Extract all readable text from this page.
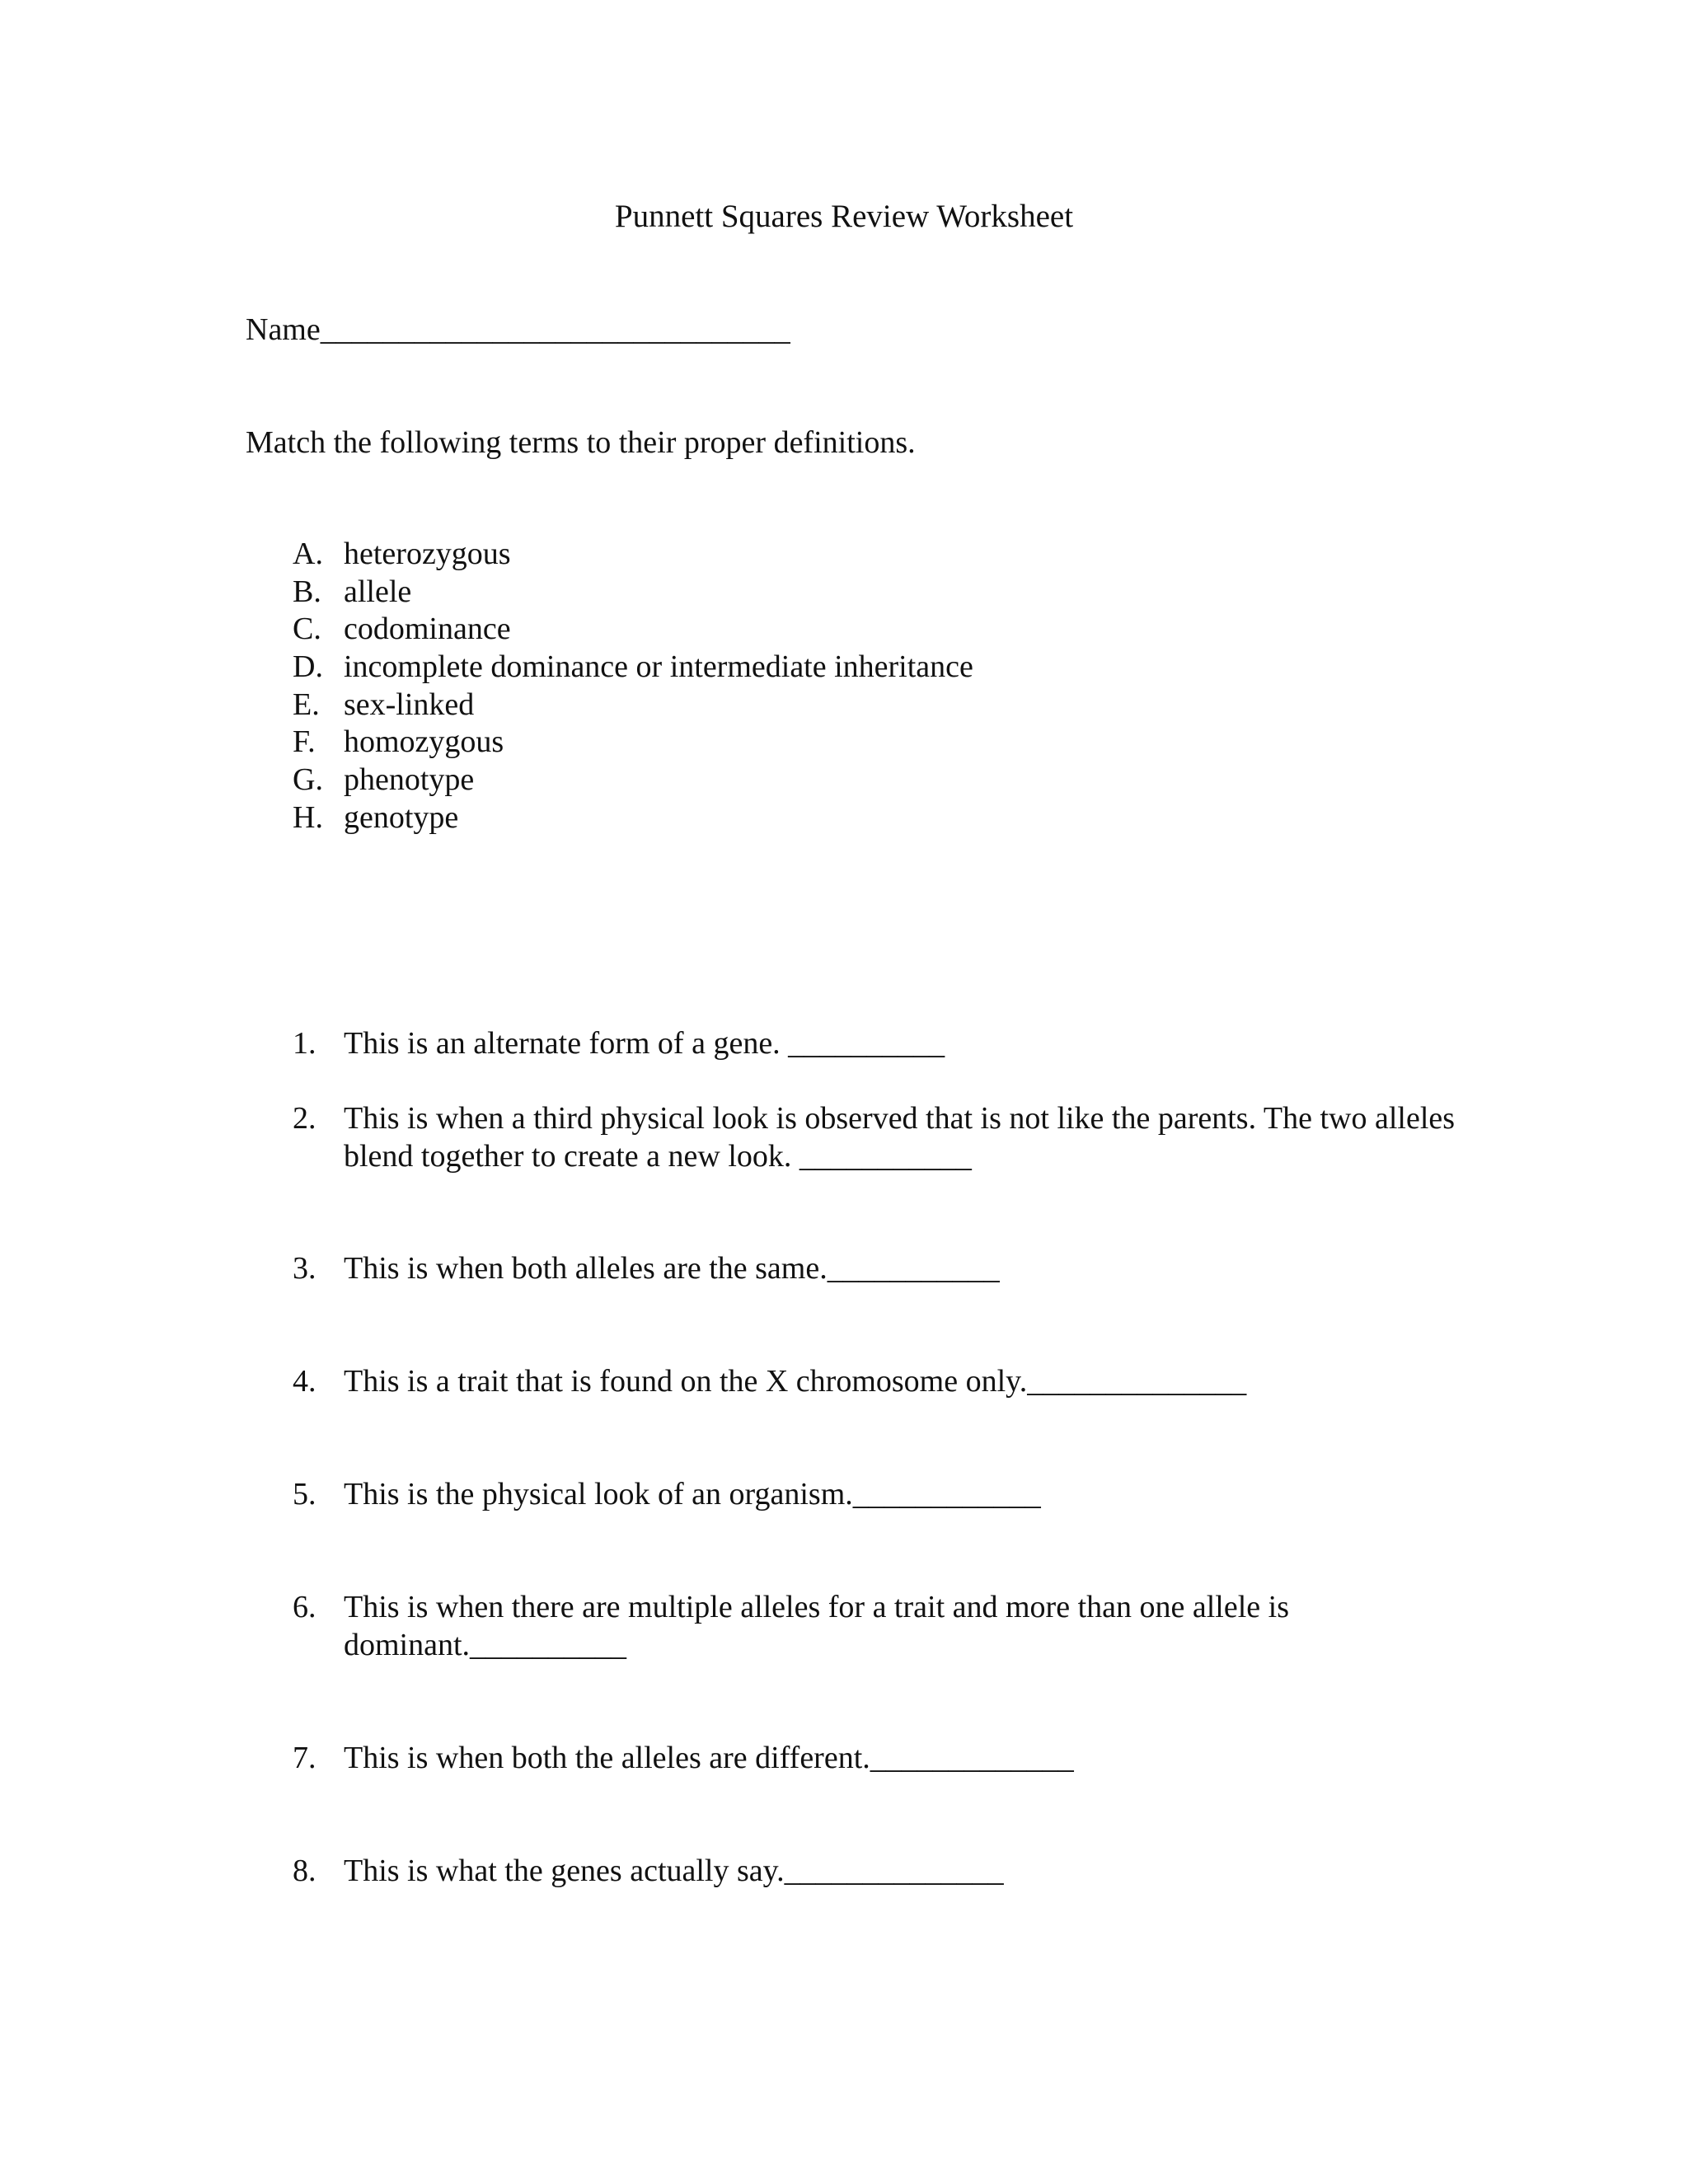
Punnett Squares Review Worksheet
Name______________________________
Match the following terms to their proper definitions.
A. heterozygous
B. allele
C. codominance
D. incomplete dominance or intermediate inheritance
E. sex-linked
F. homozygous
G. phenotype
H. genotype
1. This is an alternate form of a gene. __________
2. This is when a third physical look is observed that is not like the parents. The two alleles blend together to create a new look. ___________
3. This is when both alleles are the same.___________
4. This is a trait that is found on the X chromosome only.______________
5. This is the physical look of an organism.____________
6. This is when there are multiple alleles for a trait and more than one allele is dominant.__________
7. This is when both the alleles are different._____________
8. This is what the genes actually say.______________
